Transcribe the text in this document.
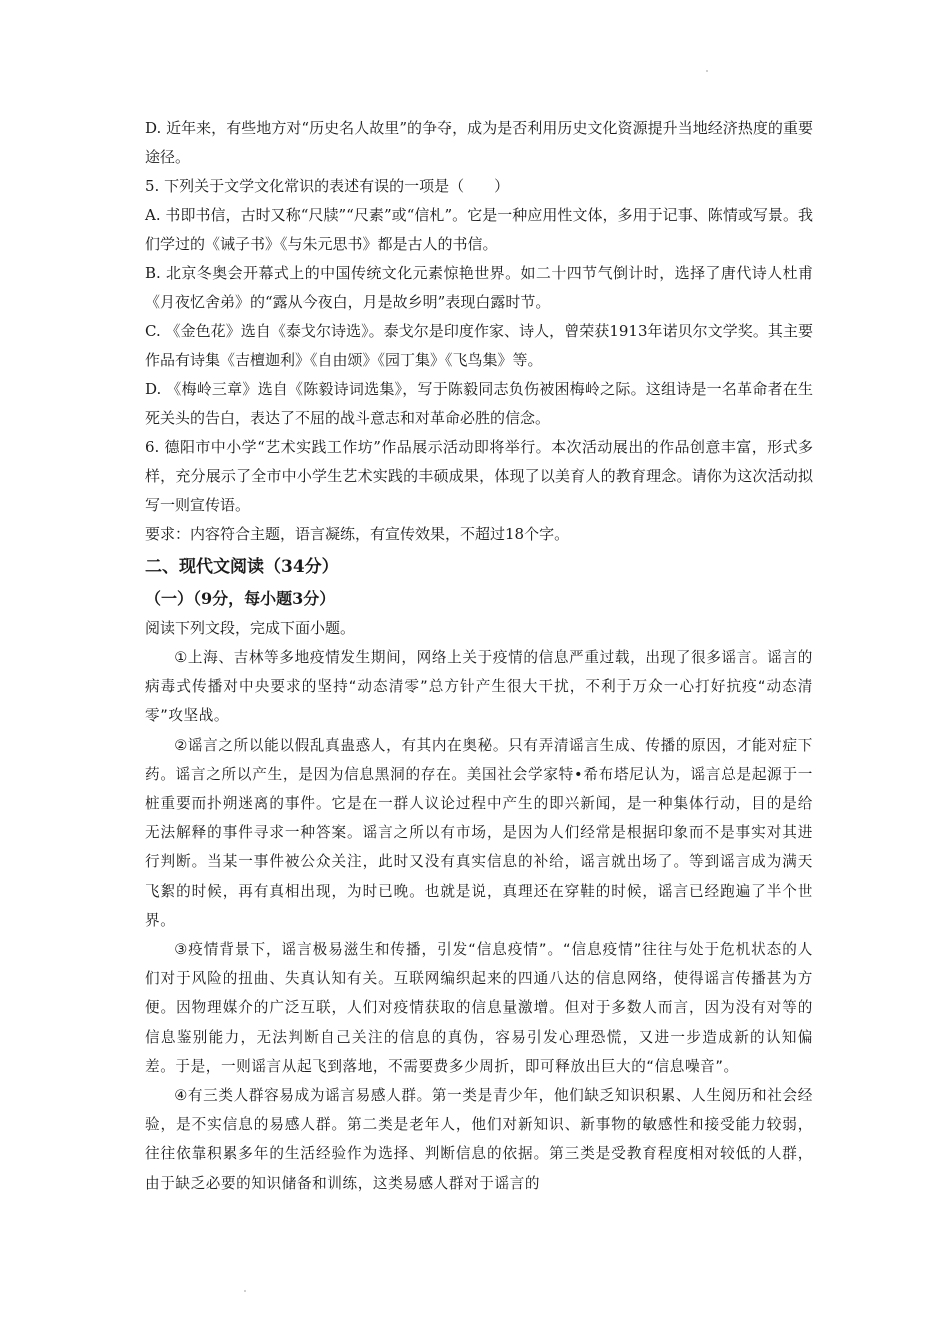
D. 近年来，有些地方对“历史名人故里”的争夺，成为是否利用历史文化资源提升当地经济热度的重要途径。

5. 下列关于文学文化常识的表述有误的一项是（　　）

A. 书即书信，古时又称“尺牍”“尺素”或“信札”。它是一种应用性文体，多用于记事、陈情或写景。我们学过的《诫子书》《与朱元思书》都是古人的书信。

B. 北京冬奥会开幕式上的中国传统文化元素惊艳世界。如二十四节气倒计时，选择了唐代诗人杜甫《月夜忆舍弟》的“露从今夜白，月是故乡明”表现白露时节。

C. 《金色花》选自《泰戈尔诗选》。泰戈尔是印度作家、诗人，曾荣获1913年诺贝尔文学奖。其主要作品有诗集《吉檀迦利》《自由颂》《园丁集》《飞鸟集》等。

D. 《梅岭三章》选自《陈毅诗词选集》，写于陈毅同志负伤被困梅岭之际。这组诗是一名革命者在生死关头的告白，表达了不屈的战斗意志和对革命必胜的信念。

6. 德阳市中小学“艺术实践工作坊”作品展示活动即将举行。本次活动展出的作品创意丰富，形式多样，充分展示了全市中小学生艺术实践的丰硕成果，体现了以美育人的教育理念。请你为这次活动拟写一则宣传语。

要求：内容符合主题，语言凝练，有宣传效果，不超过18个字。

二、现代文阅读（34分）

（一）（9分，每小题3分）

阅读下列文段，完成下面小题。

①上海、吉林等多地疫情发生期间，网络上关于疫情的信息严重过载，出现了很多谣言。谣言的病毒式传播对中央要求的坚持“动态清零”总方针产生很大干扰，不利于万众一心打好抗疫“动态清零”攻坚战。

②谣言之所以能以假乱真蛊惑人，有其内在奥秘。只有弄清谣言生成、传播的原因，才能对症下药。谣言之所以产生，是因为信息黑洞的存在。美国社会学家特•希布塔尼认为，谣言总是起源于一桩重要而扑朔迷离的事件。它是在一群人议论过程中产生的即兴新闻，是一种集体行动，目的是给无法解释的事件寻求一种答案。谣言之所以有市场，是因为人们经常是根据印象而不是事实对其进行判断。当某一事件被公众关注，此时又没有真实信息的补给，谣言就出场了。等到谣言成为满天飞絮的时候，再有真相出现，为时已晚。也就是说，真理还在穿鞋的时候，谣言已经跑遍了半个世界。

③疫情背景下，谣言极易滋生和传播，引发“信息疫情”。“信息疫情”往往与处于危机状态的人们对于风险的扭曲、失真认知有关。互联网编织起来的四通八达的信息网络，使得谣言传播甚为方便。因物理媒介的广泛互联，人们对疫情获取的信息量激增。但对于多数人而言，因为没有对等的信息鉴别能力，无法判断自己关注的信息的真伪，容易引发心理恐慌，又进一步造成新的认知偏差。于是，一则谣言从起飞到落地，不需要费多少周折，即可释放出巨大的“信息噪音”。

④有三类人群容易成为谣言易感人群。第一类是青少年，他们缺乏知识积累、人生阅历和社会经验，是不实信息的易感人群。第二类是老年人，他们对新知识、新事物的敏感性和接受能力较弱，往往依靠积累多年的生活经验作为选择、判断信息的依据。第三类是受教育程度相对较低的人群，由于缺乏必要的知识储备和训练，这类易感人群对于谣言的
